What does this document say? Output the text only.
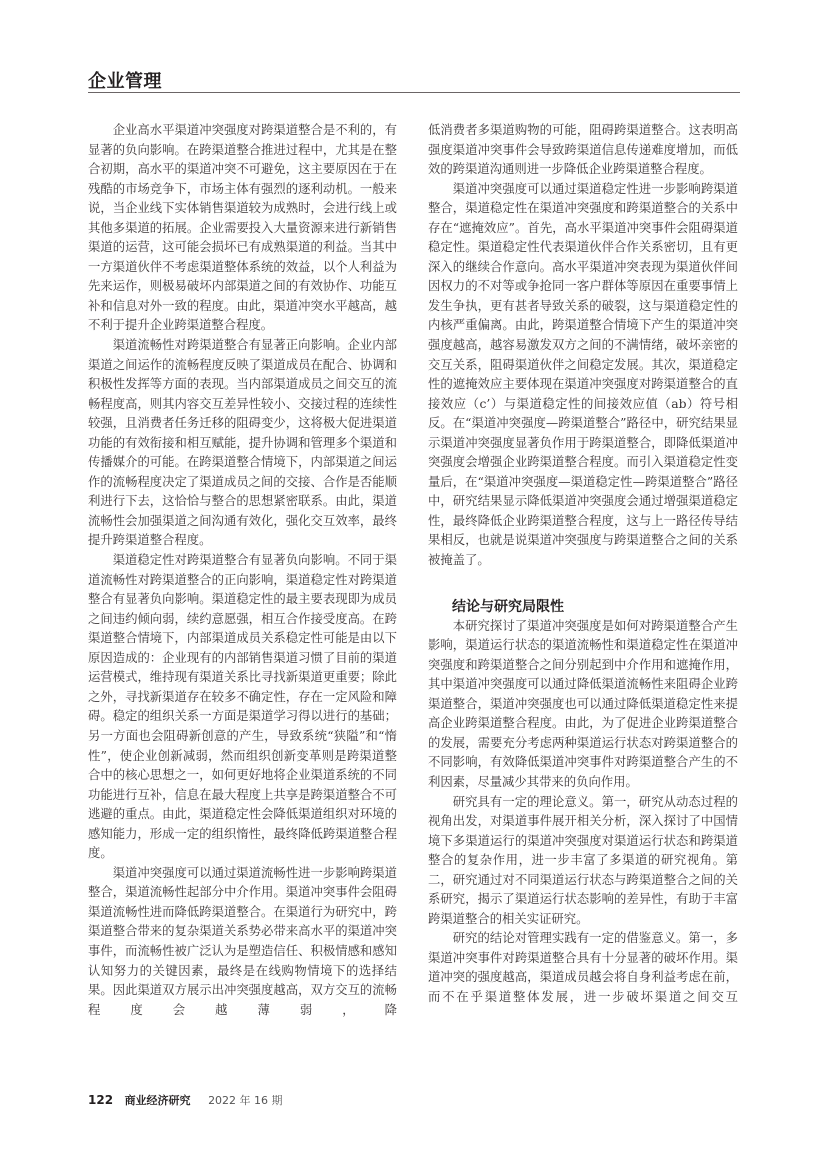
企业管理

企业高水平渠道冲突强度对跨渠道整合是不利的，有显著的负向影响。在跨渠道整合推进过程中，尤其是在整合初期，高水平的渠道冲突不可避免，这主要原因在于在残酷的市场竞争下，市场主体有强烈的逐利动机。一般来说，当企业线下实体销售渠道较为成熟时，会进行线上或其他多渠道的拓展。企业需要投入大量资源来进行新销售渠道的运营，这可能会损坏已有成熟渠道的利益。当其中一方渠道伙伴不考虑渠道整体系统的效益，以个人利益为先来运作，则极易破坏内部渠道之间的有效协作、功能互补和信息对外一致的程度。由此，渠道冲突水平越高，越不利于提升企业跨渠道整合程度。

渠道流畅性对跨渠道整合有显著正向影响。企业内部渠道之间运作的流畅程度反映了渠道成员在配合、协调和积极性发挥等方面的表现。当内部渠道成员之间交互的流畅程度高，则其内容交互差异性较小、交接过程的连续性较强，且消费者任务迁移的阻碍变少，这将极大促进渠道功能的有效衔接和相互赋能，提升协调和管理多个渠道和传播媒介的可能。在跨渠道整合情境下，内部渠道之间运作的流畅程度决定了渠道成员之间的交接、合作是否能顺利进行下去，这恰恰与整合的思想紧密联系。由此，渠道流畅性会加强渠道之间沟通有效化，强化交互效率，最终提升跨渠道整合程度。

渠道稳定性对跨渠道整合有显著负向影响。不同于渠道流畅性对跨渠道整合的正向影响，渠道稳定性对跨渠道整合有显著负向影响。渠道稳定性的最主要表现即为成员之间违约倾向弱，续约意愿强，相互合作接受度高。在跨渠道整合情境下，内部渠道成员关系稳定性可能是由以下原因造成的：企业现有的内部销售渠道习惯了目前的渠道运营模式，维持现有渠道关系比寻找新渠道更重要；除此之外，寻找新渠道存在较多不确定性，存在一定风险和障碍。稳定的组织关系一方面是渠道学习得以进行的基础；另一方面也会阻碍新创意的产生，导致系统“狭隘”和“惰性”，使企业创新减弱，然而组织创新变革则是跨渠道整合中的核心思想之一，如何更好地将企业渠道系统的不同功能进行互补，信息在最大程度上共享是跨渠道整合不可逃避的重点。由此，渠道稳定性会降低渠道组织对环境的感知能力，形成一定的组织惰性，最终降低跨渠道整合程度。

渠道冲突强度可以通过渠道流畅性进一步影响跨渠道整合，渠道流畅性起部分中介作用。渠道冲突事件会阻碍渠道流畅性进而降低跨渠道整合。在渠道行为研究中，跨渠道整合带来的复杂渠道关系势必带来高水平的渠道冲突事件，而流畅性被广泛认为是塑造信任、积极情感和感知认知努力的关键因素，最终是在线购物情境下的选择结果。因此渠道双方展示出冲突强度越高，双方交互的流畅程度会越薄弱，降

低消费者多渠道购物的可能，阻碍跨渠道整合。这表明高强度渠道冲突事件会导致跨渠道信息传递难度增加，而低效的跨渠道沟通则进一步降低企业跨渠道整合程度。

渠道冲突强度可以通过渠道稳定性进一步影响跨渠道整合，渠道稳定性在渠道冲突强度和跨渠道整合的关系中存在“遮掩效应”。首先，高水平渠道冲突事件会阻碍渠道稳定性。渠道稳定性代表渠道伙伴合作关系密切，且有更深入的继续合作意向。高水平渠道冲突表现为渠道伙伴间因权力的不对等或争抢同一客户群体等原因在重要事情上发生争执，更有甚者导致关系的破裂，这与渠道稳定性的内核严重偏离。由此，跨渠道整合情境下产生的渠道冲突强度越高，越容易激发双方之间的不满情绪，破坏亲密的交互关系，阻碍渠道伙伴之间稳定发展。其次，渠道稳定性的遮掩效应主要体现在渠道冲突强度对跨渠道整合的直接效应（c’）与渠道稳定性的间接效应值（ab）符号相反。在“渠道冲突强度—跨渠道整合”路径中，研究结果显示渠道冲突强度显著负作用于跨渠道整合，即降低渠道冲突强度会增强企业跨渠道整合程度。而引入渠道稳定性变量后，在“渠道冲突强度—渠道稳定性—跨渠道整合”路径中，研究结果显示降低渠道冲突强度会通过增强渠道稳定性，最终降低企业跨渠道整合程度，这与上一路径传导结果相反，也就是说渠道冲突强度与跨渠道整合之间的关系被掩盖了。

结论与研究局限性

本研究探讨了渠道冲突强度是如何对跨渠道整合产生影响，渠道运行状态的渠道流畅性和渠道稳定性在渠道冲突强度和跨渠道整合之间分别起到中介作用和遮掩作用，其中渠道冲突强度可以通过降低渠道流畅性来阻碍企业跨渠道整合，渠道冲突强度也可以通过降低渠道稳定性来提高企业跨渠道整合程度。由此，为了促进企业跨渠道整合的发展，需要充分考虑两种渠道运行状态对跨渠道整合的不同影响，有效降低渠道冲突事件对跨渠道整合产生的不利因素，尽量减少其带来的负向作用。

研究具有一定的理论意义。第一，研究从动态过程的视角出发，对渠道事件展开相关分析，深入探讨了中国情境下多渠道运行的渠道冲突强度对渠道运行状态和跨渠道整合的复杂作用，进一步丰富了多渠道的研究视角。第二，研究通过对不同渠道运行状态与跨渠道整合之间的关系研究，揭示了渠道运行状态影响的差异性，有助于丰富跨渠道整合的相关实证研究。

研究的结论对管理实践有一定的借鉴意义。第一，多渠道冲突事件对跨渠道整合具有十分显著的破坏作用。渠道冲突的强度越高，渠道成员越会将自身利益考虑在前，而不在乎渠道整体发展，进一步破坏渠道之间交互

122 商业经济研究 2022 年 16 期
